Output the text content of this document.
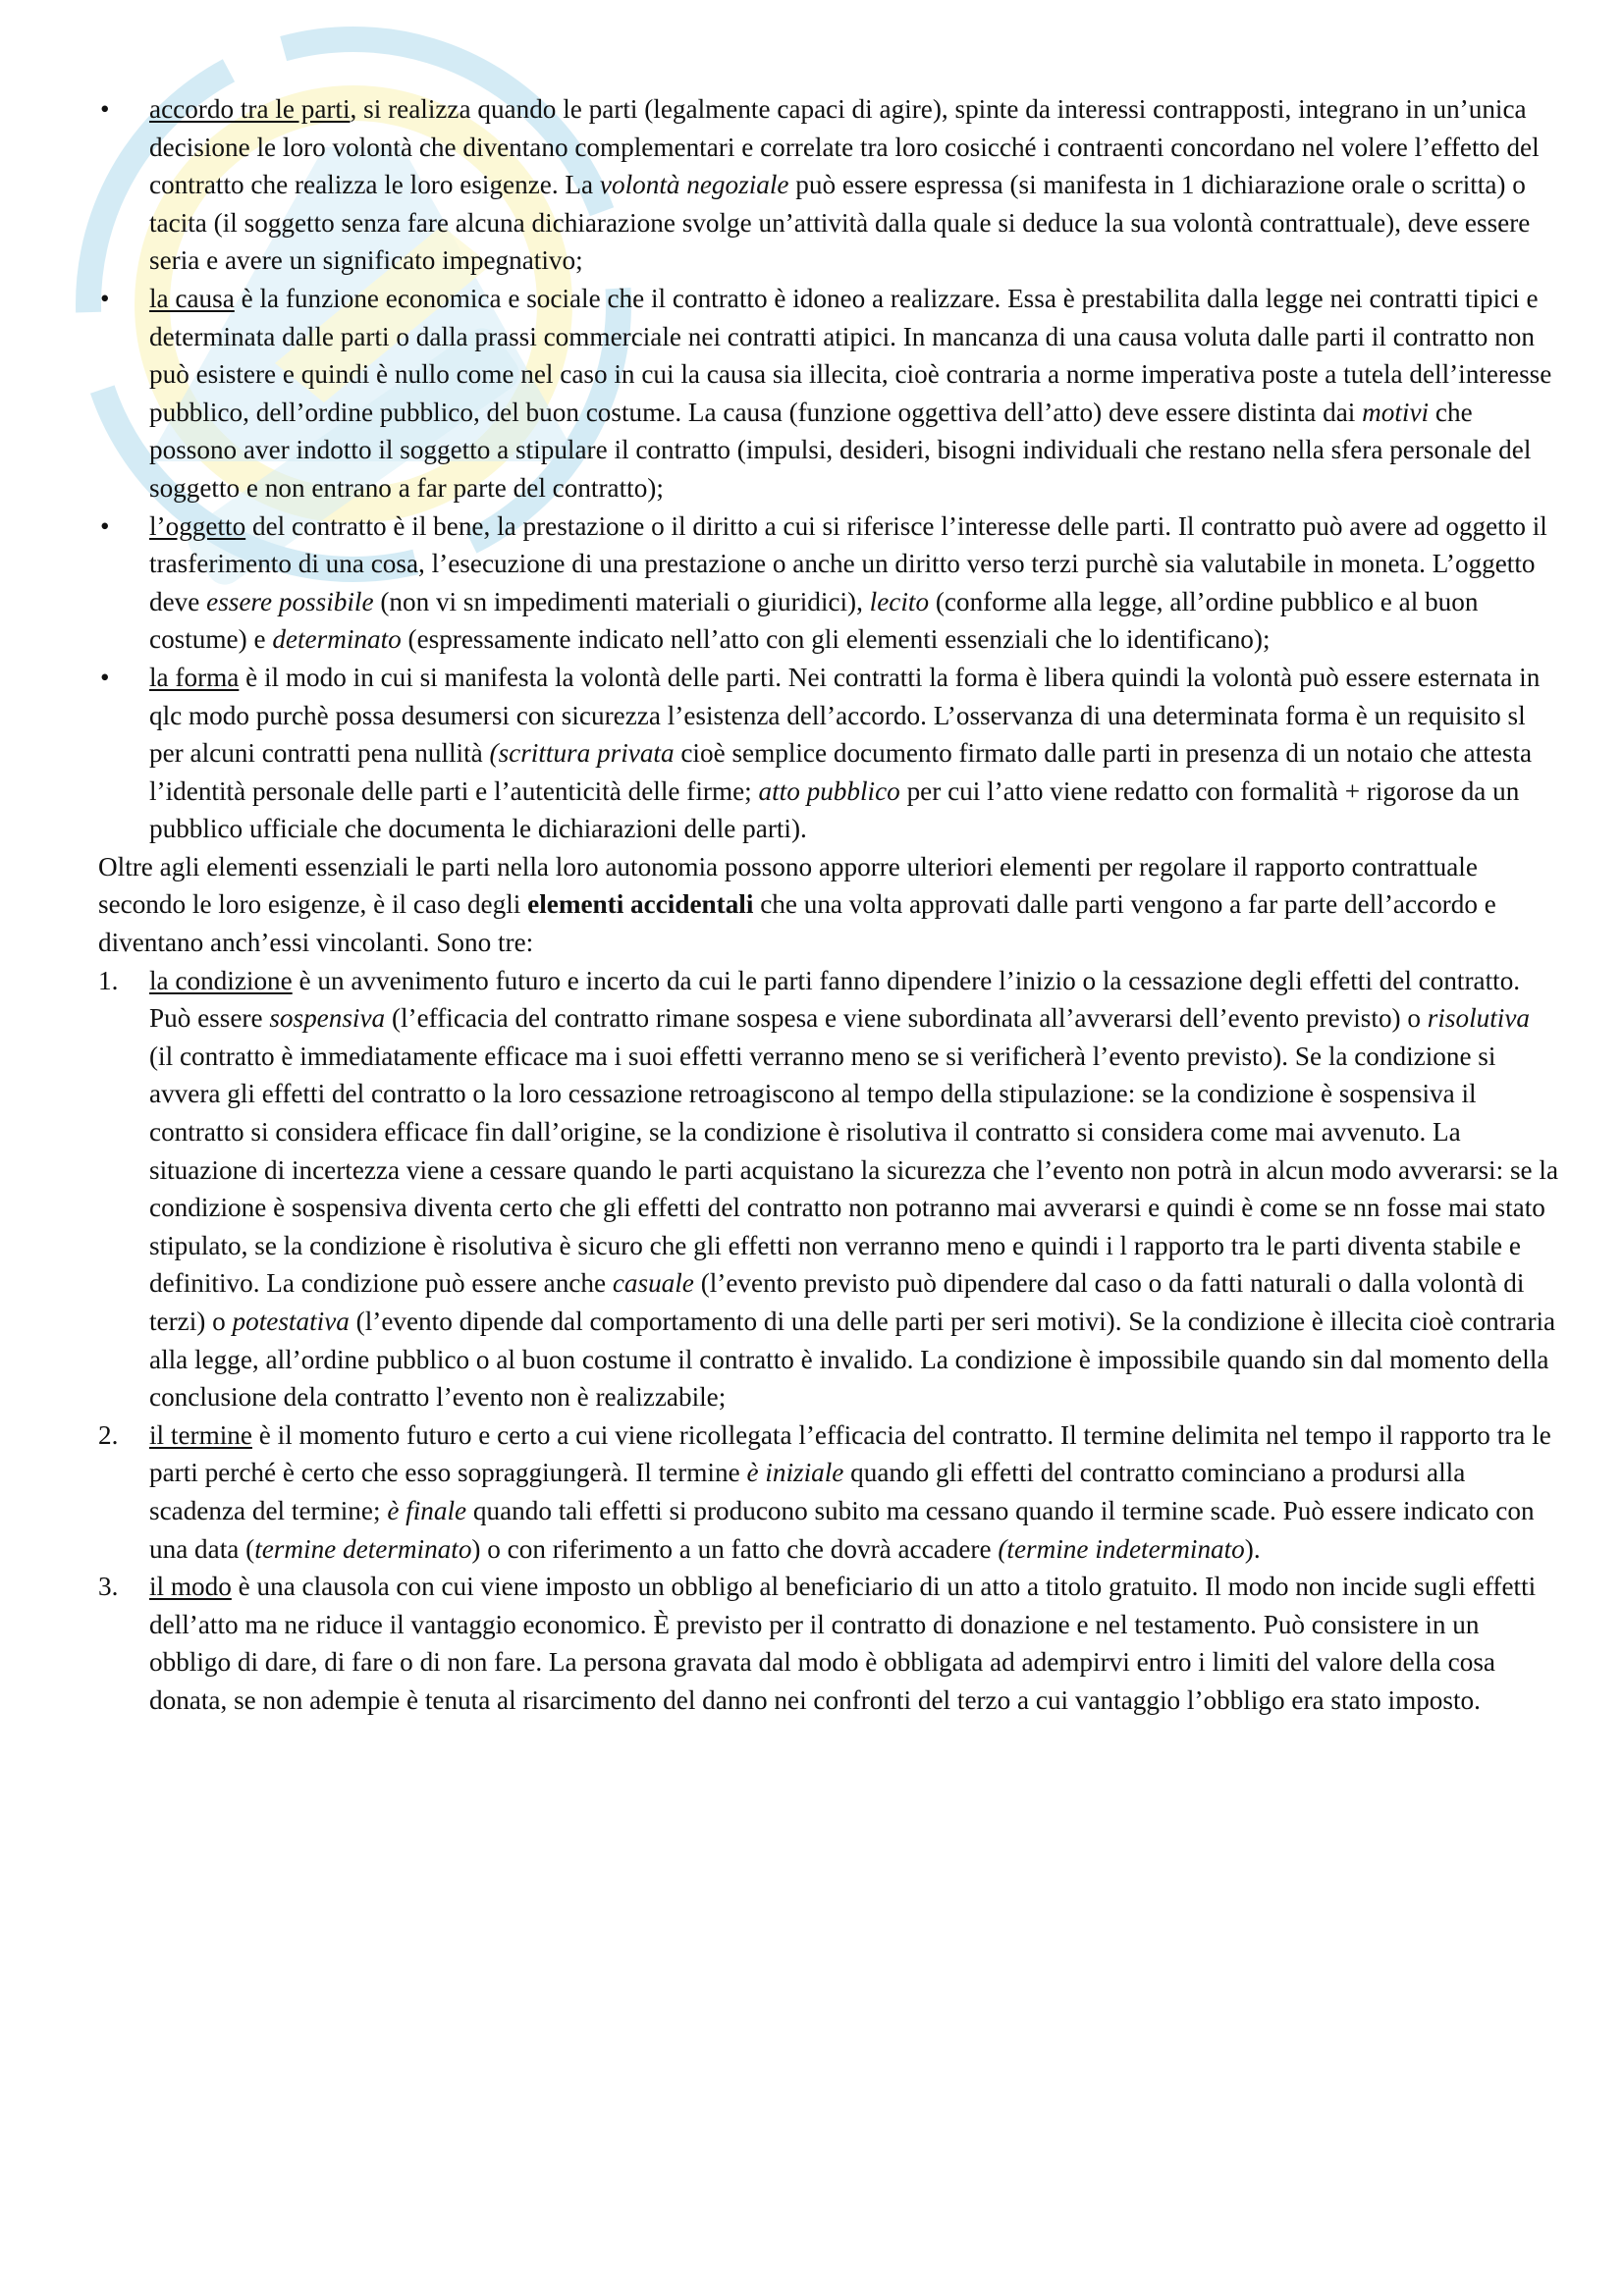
•	accordo tra le parti, si realizza quando le parti (legalmente capaci di agire), spinte da interessi contrapposti, integrano in un’unica decisione le loro volontà che diventano complementari e correlate tra loro cosicché i contraenti concordano nel volere l’effetto del contratto che realizza le loro esigenze. La volontà negoziale può essere espressa (si manifesta in 1 dichiarazione orale o scritta) o tacita (il soggetto senza fare alcuna dichiarazione svolge un’attività dalla quale si deduce la sua volontà contrattuale), deve essere seria e avere un significato impegnativo;
•	la causa è la funzione economica e sociale che il contratto è idoneo a realizzare. Essa è prestabilita dalla legge nei contratti tipici e determinata dalle parti o dalla prassi commerciale nei contratti atipici. In mancanza di una causa voluta dalle parti il contratto non può esistere e quindi è nullo come nel caso in cui la causa sia illecita, cioè contraria a norme imperativa poste a tutela dell’interesse pubblico, dell’ordine pubblico, del buon costume. La causa (funzione oggettiva dell’atto) deve essere distinta dai motivi che possono aver indotto il soggetto a stipulare il contratto (impulsi, desideri, bisogni individuali che restano nella sfera personale del soggetto e non entrano a far parte del contratto);
•	l’oggetto del contratto è il bene, la prestazione o il diritto a cui si riferisce l’interesse delle parti. Il contratto può avere ad oggetto il trasferimento di una cosa, l’esecuzione di una prestazione o anche un diritto verso terzi purchè sia valutabile in moneta. L’oggetto deve essere possibile (non vi sn impedimenti materiali o giuridici), lecito (conforme alla legge, all’ordine pubblico e al buon costume) e determinato (espressamente indicato nell’atto con gli elementi essenziali che lo identificano);
•	la forma è il modo in cui si manifesta la volontà delle parti. Nei contratti la forma è libera quindi la volontà può essere esternata in qlc modo purchè possa desumersi con sicurezza l’esistenza dell’accordo. L’osservanza di una determinata forma è un requisito sl per alcuni contratti pena nullità (scrittura privata cioè semplice documento firmato dalle parti in presenza di un notaio che attesta l’identità personale delle parti e l’autenticità delle firme; atto pubblico per cui l’atto viene redatto con formalità + rigorose da un pubblico ufficiale che documenta le dichiarazioni delle parti).

Oltre agli elementi essenziali le parti nella loro autonomia possono apporre ulteriori elementi per regolare il rapporto contrattuale secondo le loro esigenze, è il caso degli elementi accidentali che una volta approvati dalle parti vengono a far parte dell’accordo e diventano anch’essi vincolanti. Sono tre:

1.	la condizione è un avvenimento futuro e incerto da cui le parti fanno dipendere l’inizio o la cessazione degli effetti del contratto. Può essere sospensiva (l’efficacia del contratto rimane sospesa e viene subordinata all’avverarsi dell’evento previsto) o risolutiva (il contratto è immediatamente efficace ma i suoi effetti verranno meno se si verificherà l’evento previsto). Se la condizione si avvera gli effetti del contratto o la loro cessazione retroagiscono al tempo della stipulazione: se la condizione è sospensiva il contratto si considera efficace fin dall’origine, se la condizione è risolutiva il contratto si considera come mai avvenuto. La situazione di incertezza viene a cessare quando le parti acquistano la sicurezza che l’evento non potrà in alcun modo avverarsi: se la condizione è sospensiva diventa certo che gli effetti del contratto non potranno mai avverarsi e quindi è come se nn fosse mai stato stipulato, se la condizione è risolutiva è sicuro che gli effetti non verranno meno e quindi i l rapporto tra le parti diventa stabile e definitivo. La condizione può essere anche casuale (l’evento previsto può dipendere dal caso o da fatti naturali o dalla volontà di terzi) o potestativa (l’evento dipende dal comportamento di una delle parti per seri motivi). Se la condizione è illecita cioè contraria alla legge, all’ordine pubblico o al buon costume il contratto è invalido. La condizione è impossibile quando sin dal momento della conclusione dela contratto l’evento non è realizzabile;
2.	il termine è il momento futuro e certo a cui viene ricollegata l’efficacia del contratto. Il termine delimita nel tempo il rapporto tra le parti perché è certo che esso sopraggiungerà. Il termine è iniziale quando gli effetti del contratto cominciano a prodursi alla scadenza del termine; è finale quando tali effetti si producono subito ma cessano quando il termine scade. Può essere indicato con una data (termine determinato) o con riferimento a un fatto che dovrà accadere (termine indeterminato).
3.	il modo è una clausola con cui viene imposto un obbligo al beneficiario di un atto a titolo gratuito. Il modo non incide sugli effetti dell’atto ma ne riduce il vantaggio economico. È previsto per il contratto di donazione e nel testamento. Può consistere in un obbligo di dare, di fare o di non fare. La persona gravata dal modo è obbligata ad adempirvi entro i limiti del valore della cosa donata, se non adempie è tenuta al risarcimento del danno nei confronti del terzo a cui vantaggio l’obbligo era stato imposto.
